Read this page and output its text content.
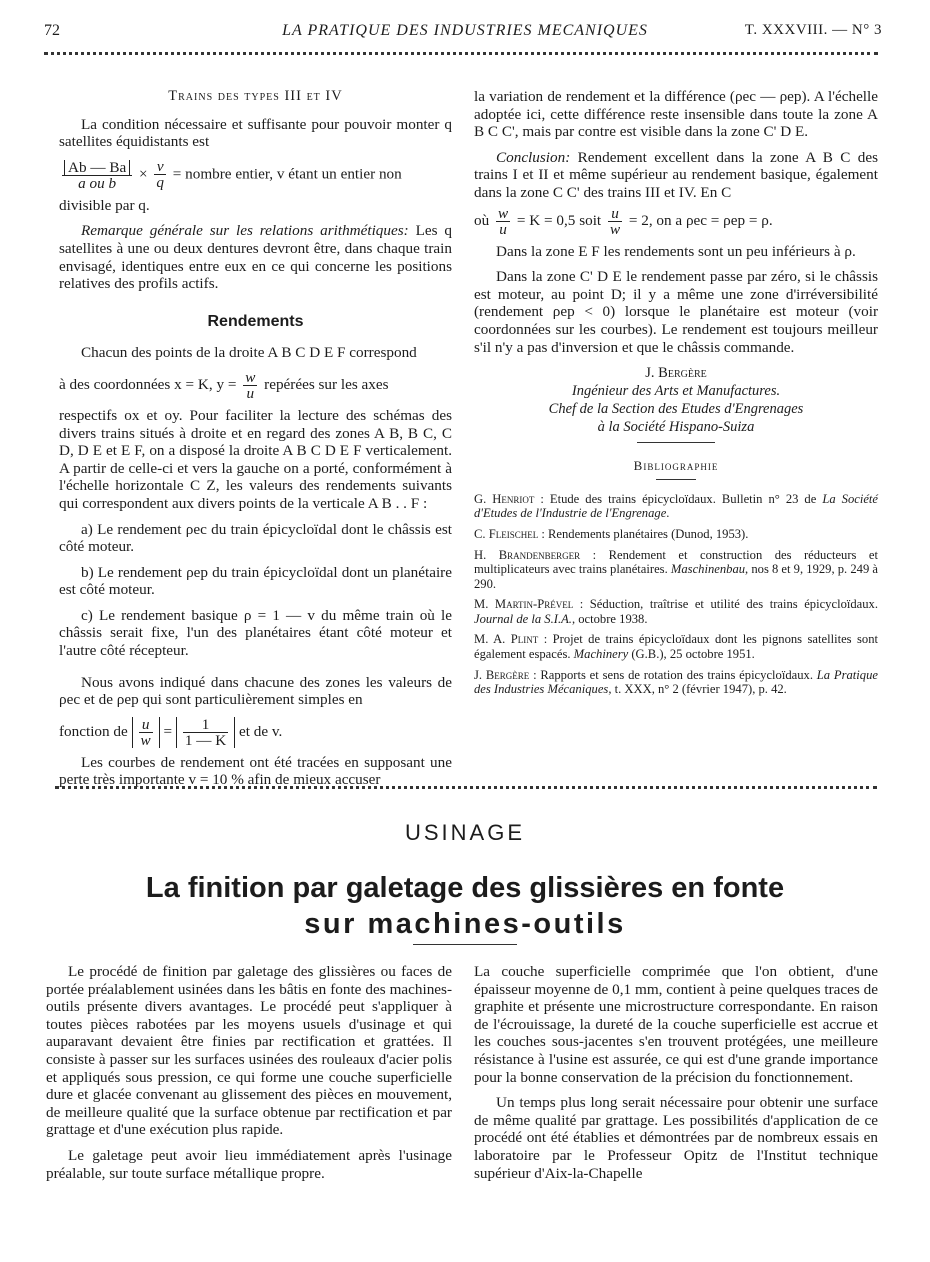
72	LA PRATIQUE DES INDUSTRIES MECANIQUES	T. XXXVIII. — N° 3
Trains des types III et IV

La condition nécessaire et suffisante pour pouvoir monter q satellites équidistants est

$\frac{Ab — Ba}{\text{a ou b}} \times \frac{v}{q}$ = nombre entier, v étant un entier non

divisible par q.

Remarque générale sur les relations arithmétiques: Les q satellites à une ou deux dentures devront être, dans chaque train envisagé, identiques entre eux en ce qui concerne les positions relatives des profils actifs.

Rendements

Chacun des points de la droite A B C D E F correspond

à des coordonnées x = K, $y = \frac{w}{u}$ repérées sur les axes

respectifs ox et oy. Pour faciliter la lecture des schémas des divers trains situés à droite et en regard des zones A B, B C, C D, D E et E F, on a disposé la droite A B C D E F verticalement. A partir de celle-ci et vers la gauche on a porté, conformément à l'échelle horizontale C Z, les valeurs des rendements suivants qui correspondent aux divers points de la verticale A B . . F :

a) Le rendement ρec du train épicycloïdal dont le châssis est côté moteur.

b) Le rendement ρep du train épicycloïdal dont un planétaire est côté moteur.

c) Le rendement basique ρ = 1 — v du même train où le châssis serait fixe, l'un des planétaires étant côté moteur et l'autre côté récepteur.

Nous avons indiqué dans chacune des zones les valeurs de ρec et de ρep qui sont particulièrement simples en

fonction de $\frac{u}{w} = \frac{1}{1 — K}$ et de v.

Les courbes de rendement ont été tracées en supposant une perte très importante v = 10 % afin de mieux accuser

la variation de rendement et la différence (ρec — ρep). A l'échelle adoptée ici, cette différence reste insensible dans toute la zone A B C C', mais par contre est visible dans la zone C' D E.

Conclusion: Rendement excellent dans la zone A B C des trains I et II et même supérieur au rendement basique, également dans la zone C C' des trains III et IV. En C

où $\frac{w}{u} = K = 0,5$ soit $\frac{u}{w} = 2$, on a ρec = ρep = ρ.

Dans la zone E F les rendements sont un peu inférieurs à ρ.

Dans la zone C' D E le rendement passe par zéro, si le châssis est moteur, au point D; il y a même une zone d'irréversibilité (rendement ρep < 0) lorsque le planétaire est moteur (voir coordonnées sur les courbes). Le rendement est toujours meilleur s'il n'y a pas d'inversion et que le châssis commande.

J. Bergère
Ingénieur des Arts et Manufactures.
Chef de la Section des Etudes d'Engrenages
à la Société Hispano-Suiza
Bibliographie

G. Henriot : Etude des trains épicycloïdaux. Bulletin n° 23 de La Société d'Etudes de l'Industrie de l'Engrenage.

C. Fleischel : Rendements planétaires (Dunod, 1953).

H. Brandenberger : Rendement et construction des réducteurs et multiplicateurs avec trains planétaires. Maschinenbau, nos 8 et 9, 1929, p. 249 à 290.

M. Martin-Prével : Séduction, traîtrise et utilité des trains épicycloïdaux. Journal de la S.I.A., octobre 1938.

M. A. Plint : Projet de trains épicycloïdaux dont les pignons satellites sont également espacés. Machinery (G.B.), 25 octobre 1951.

J. Bergère : Rapports et sens de rotation des trains épicycloïdaux. La Pratique des Industries Mécaniques, t. XXX, n° 2 (février 1947), p. 42.

USINAGE
La finition par galetage des glissières en fonte
sur machines-outils

Le procédé de finition par galetage des glissières ou faces de portée préalablement usinées dans les bâtis en fonte des machines-outils présente divers avantages. Le procédé peut s'appliquer à toutes pièces rabotées par les moyens usuels d'usinage et qui auparavant devaient être finies par rectification et grattées. Il consiste à passer sur les surfaces usinées des rouleaux d'acier polis et appliqués sous pression, ce qui forme une couche superficielle dure et glacée convenant au glissement des pièces en mouvement, de meilleure qualité que la surface obtenue par rectification et par grattage et d'une exécution plus rapide.

Le galetage peut avoir lieu immédiatement après l'usinage préalable, sur toute surface métallique propre.

La couche superficielle comprimée que l'on obtient, d'une épaisseur moyenne de 0,1 mm, contient à peine quelques traces de graphite et présente une microstructure correspondante. En raison de l'écrouissage, la dureté de la couche superficielle est accrue et les couches sous-jacentes s'en trouvent protégées, une meilleure résistance à l'usine est assurée, ce qui est d'une grande importance pour la bonne conservation de la précision du fonctionnement.

Un temps plus long serait nécessaire pour obtenir une surface de même qualité par grattage. Les possibilités d'application de ce procédé ont été établies et démontrées par de nombreux essais en laboratoire par le Professeur Opitz de l'Institut technique supérieur d'Aix-la-Chapelle
